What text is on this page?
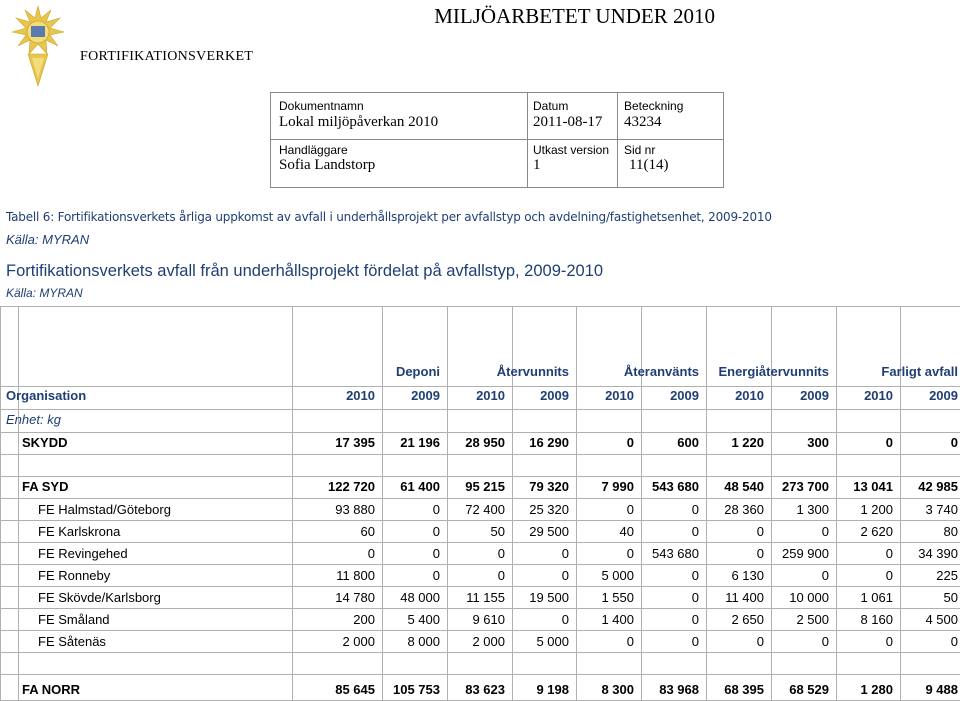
FORTIFIKATIONSVERKET
MILJÖARBETET UNDER 2010
Dokumentnamn
Lokal miljöpåverkan 2010
Datum
2011-08-17
Beteckning
43234
Handläggare
Sofia Landstorp
Utkast version
1
Sid nr
11(14)
Tabell 6: Fortifikationsverkets årliga uppkomst av avfall i underhållsprojekt per avfallstyp och avdelning/fastighetsenhet, 2009-2010
Källa: MYRAN
Fortifikationsverkets avfall från underhållsprojekt fördelat på avfallstyp, 2009-2010
Källa: MYRAN
Deponi	Återvunnits	Återanvänts	Energiåtervunnits	Farligt avfall
Organisation	2010	2009	2010	2009	2010	2009	2010	2009	2010	2009
Enhet: kg
SKYDD	17 395	21 196	28 950	16 290	0	600	1 220	300	0	0
FA SYD	122 720	61 400	95 215	79 320	7 990	543 680	48 540	273 700	13 041	42 985
FE Halmstad/Göteborg	93 880	0	72 400	25 320	0	0	28 360	1 300	1 200	3 740
FE Karlskrona	60	0	50	29 500	40	0	0	0	2 620	80
FE Revingehed	0	0	0	0	0	543 680	0	259 900	0	34 390
FE Ronneby	11 800	0	0	0	5 000	0	6 130	0	0	225
FE Skövde/Karlsborg	14 780	48 000	11 155	19 500	1 550	0	11 400	10 000	1 061	50
FE Småland	200	5 400	9 610	0	1 400	0	2 650	2 500	8 160	4 500
FE Såtenäs	2 000	8 000	2 000	5 000	0	0	0	0	0	0
FA NORR	85 645	105 753	83 623	9 198	8 300	83 968	68 395	68 529	1 280	9 488
